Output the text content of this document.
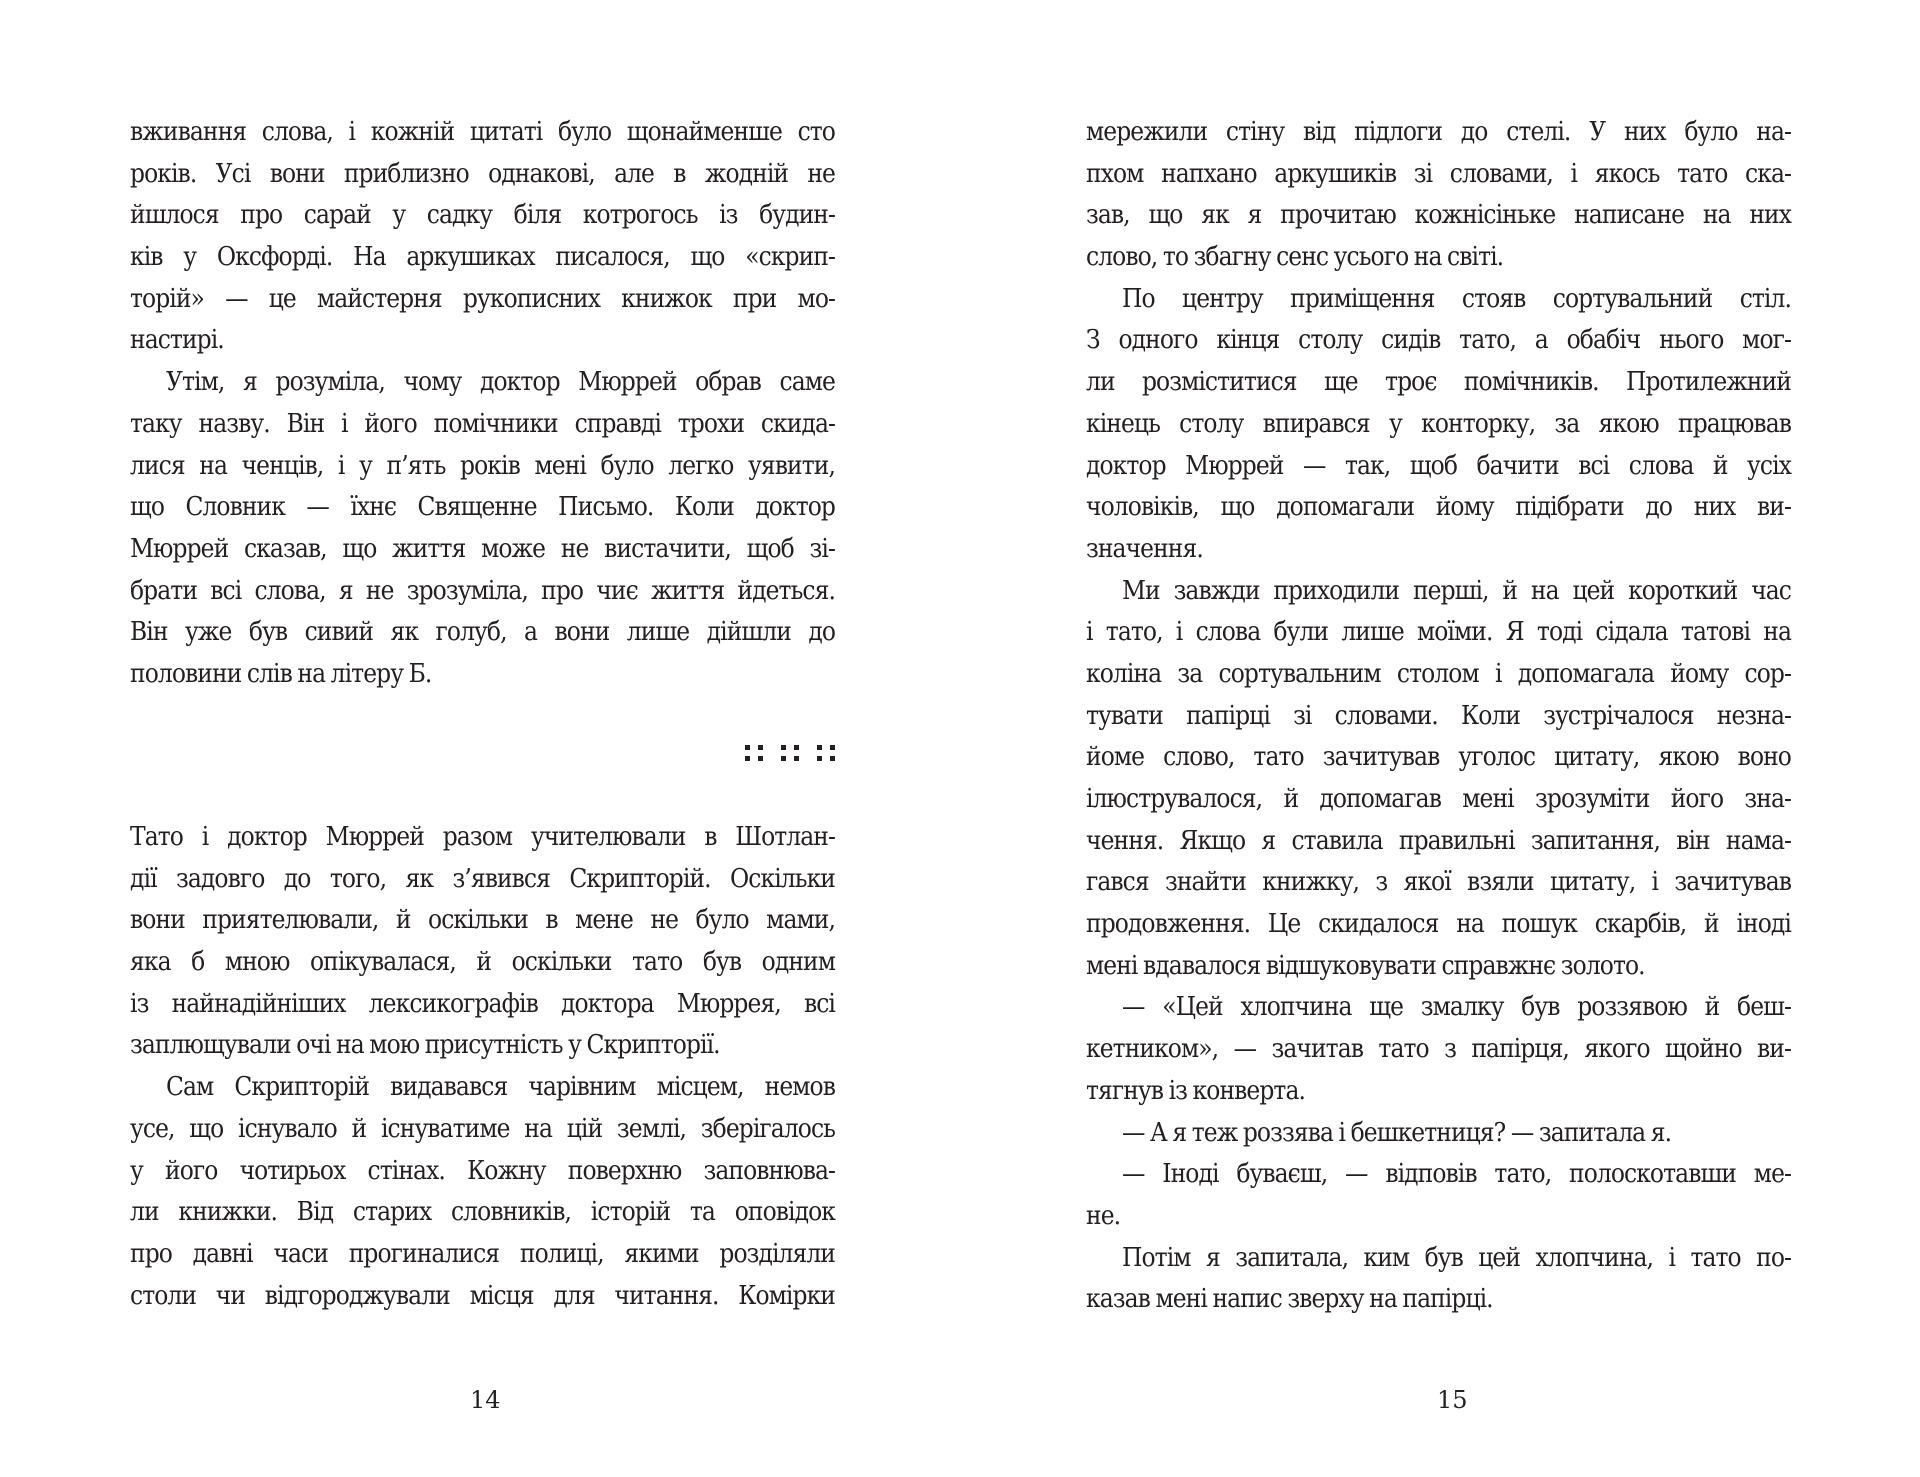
вживання слова, і кожній цитаті було щонайменше сто
років. Усі вони приблизно однакові, але в жодній не
йшлося про сарай у садку біля котрогось із будин-
ків у Оксфорді. На аркушиках писалося, що «скрип-
торій» — це майстерня рукописних книжок при мо-
настирі.
Утім, я розуміла, чому доктор Мюррей обрав саме
таку назву. Він і його помічники справді трохи скида-
лися на ченців, і у п’ять років мені було легко уявити,
що Словник — їхнє Священне Письмо. Коли доктор
Мюррей сказав, що життя може не вистачити, щоб зі-
брати всі слова, я не зрозуміла, про чиє життя йдеться.
Він уже був сивий як голуб, а вони лише дійшли до
половини слів на літеру Б.
Тато і доктор Мюррей разом учителювали в Шотлан-
дії задовго до того, як з’явився Скрипторій. Оскільки
вони приятелювали, й оскільки в мене не було мами,
яка б мною опікувалася, й оскільки тато був одним
із найнадійніших лексикографів доктора Мюррея, всі
заплющували очі на мою присутність у Скрипторії.
Сам Скрипторій видавався чарівним місцем, немов
усе, що існувало й існуватиме на цій землі, зберігалось
у його чотирьох стінах. Кожну поверхню заповнюва-
ли книжки. Від старих словників, історій та оповідок
про давні часи прогиналися полиці, якими розділяли
столи чи відгороджували місця для читання. Комірки
14
мережили стіну від підлоги до стелі. У них було на-
пхом напхано аркушиків зі словами, і якось тато ска-
зав, що як я прочитаю кожнісіньке написане на них
слово, то збагну сенс усього на світі.
По центру приміщення стояв сортувальний стіл.
З одного кінця столу сидів тато, а обабіч нього мог-
ли розміститися ще троє помічників. Протилежний
кінець столу впирався у конторку, за якою працював
доктор Мюррей — так, щоб бачити всі слова й усіх
чоловіків, що допомагали йому підібрати до них ви-
значення.
Ми завжди приходили перші, й на цей короткий час
і тато, і слова були лише моїми. Я тоді сідала татові на
коліна за сортувальним столом і допомагала йому сор-
тувати папірці зі словами. Коли зустрічалося незна-
йоме слово, тато зачитував уголос цитату, якою воно
ілюструвалося, й допомагав мені зрозуміти його зна-
чення. Якщо я ставила правильні запитання, він нама-
гався знайти книжку, з якої взяли цитату, і зачитував
продовження. Це скидалося на пошук скарбів, й іноді
мені вдавалося відшуковувати справжнє золото.
— «Цей хлопчина ще змалку був роззявою й беш-
кетником», — зачитав тато з папірця, якого щойно ви-
тягнув із конверта.
— А я теж роззява і бешкетниця? — запитала я.
— Іноді буваєш, — відповів тато, полоскотавши ме-
не.
Потім я запитала, ким був цей хлопчина, і тато по-
казав мені напис зверху на папірці.
15
